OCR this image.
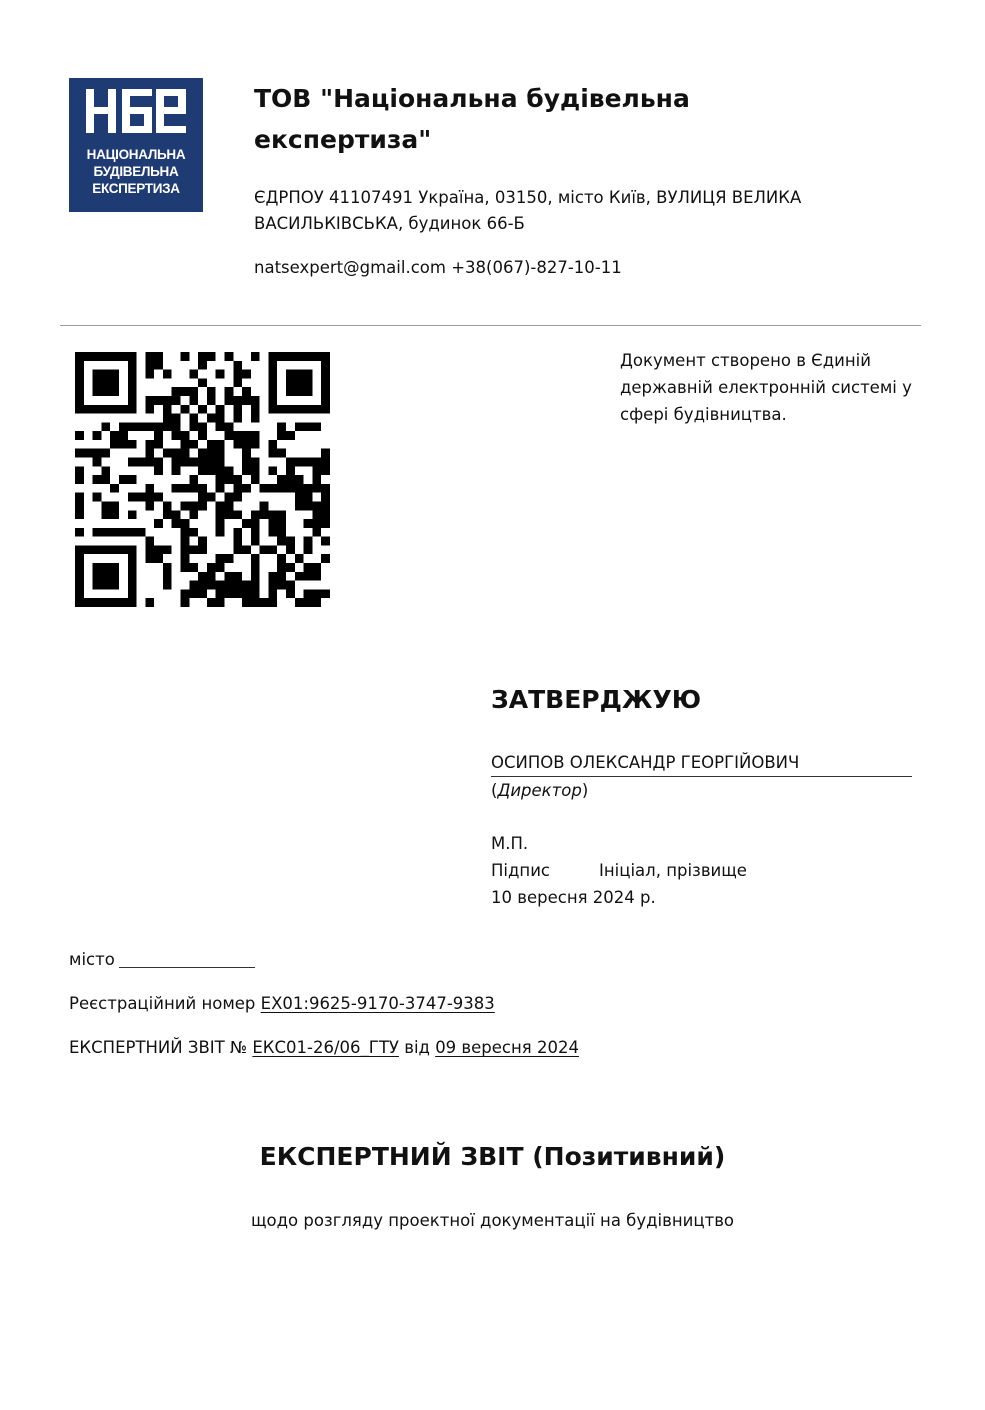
НАЦІОНАЛЬНА
БУДІВЕЛЬНА
ЕКСПЕРТИЗА
ТОВ "Національна будівельна експертиза"
ЄДРПОУ 41107491 Україна, 03150, місто Київ, ВУЛИЦЯ ВЕЛИКА ВАСИЛЬКІВСЬКА, будинок 66-Б
natsexpert@gmail.com +38(067)-827-10-11
Документ створено в Єдиній державній електронній системі у сфері будівництва.
ЗАТВЕРДЖУЮ
ОСИПОВ ОЛЕКСАНДР ГЕОРГІЙОВИЧ
(Директор)
М.П.
Підпис	Ініціал, прізвище
10 вересня 2024 р.
місто
Реєстраційний номер EX01:9625-9170-3747-9383
ЕКСПЕРТНИЙ ЗВІТ № ЕКС01-26/06_ГТУ від 09 вересня 2024
ЕКСПЕРТНИЙ ЗВІТ (Позитивний)
щодо розгляду проектної документації на будівництво
